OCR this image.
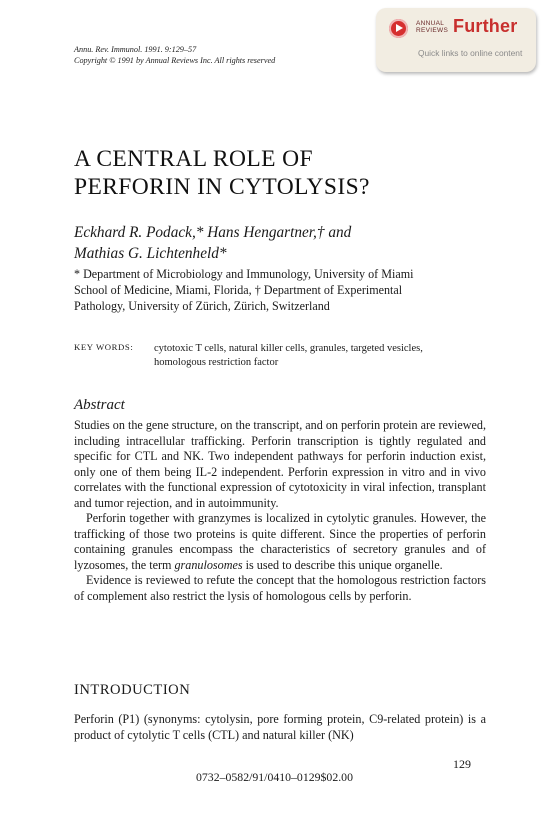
Annu. Rev. Immunol. 1991. 9:129–57
Copyright © 1991 by Annual Reviews Inc. All rights reserved
ANNUAL
REVIEWS Further
Quick links to online content
A CENTRAL ROLE OF
PERFORIN IN CYTOLYSIS?
Eckhard R. Podack,* Hans Hengartner,† and
Mathias G. Lichtenheld*
* Department of Microbiology and Immunology, University of Miami
School of Medicine, Miami, Florida, † Department of Experimental
Pathology, University of Zürich, Zürich, Switzerland
KEY WORDS: cytotoxic T cells, natural killer cells, granules, targeted vesicles,
homologous restriction factor
Abstract

Studies on the gene structure, on the transcript, and on perforin protein are reviewed, including intracellular trafficking. Perforin transcription is tightly regulated and specific for CTL and NK. Two independent pathways for perforin induction exist, only one of them being IL-2 independent. Perforin expression in vitro and in vivo correlates with the functional expression of cytotoxicity in viral infection, transplant and tumor rejection, and in autoimmunity.

Perforin together with granzymes is localized in cytolytic granules. However, the trafficking of those two proteins is quite different. Since the properties of perforin containing granules encompass the characteristics of secretory granules and of lyzosomes, the term granulosomes is used to describe this unique organelle.

Evidence is reviewed to refute the concept that the homologous restriction factors of complement also restrict the lysis of homologous cells by perforin.

INTRODUCTION
Perforin (P1) (synonyms: cytolysin, pore forming protein, C9-related protein) is a product of cytolytic T cells (CTL) and natural killer (NK)
129
0732–0582/91/0410–0129$02.00
